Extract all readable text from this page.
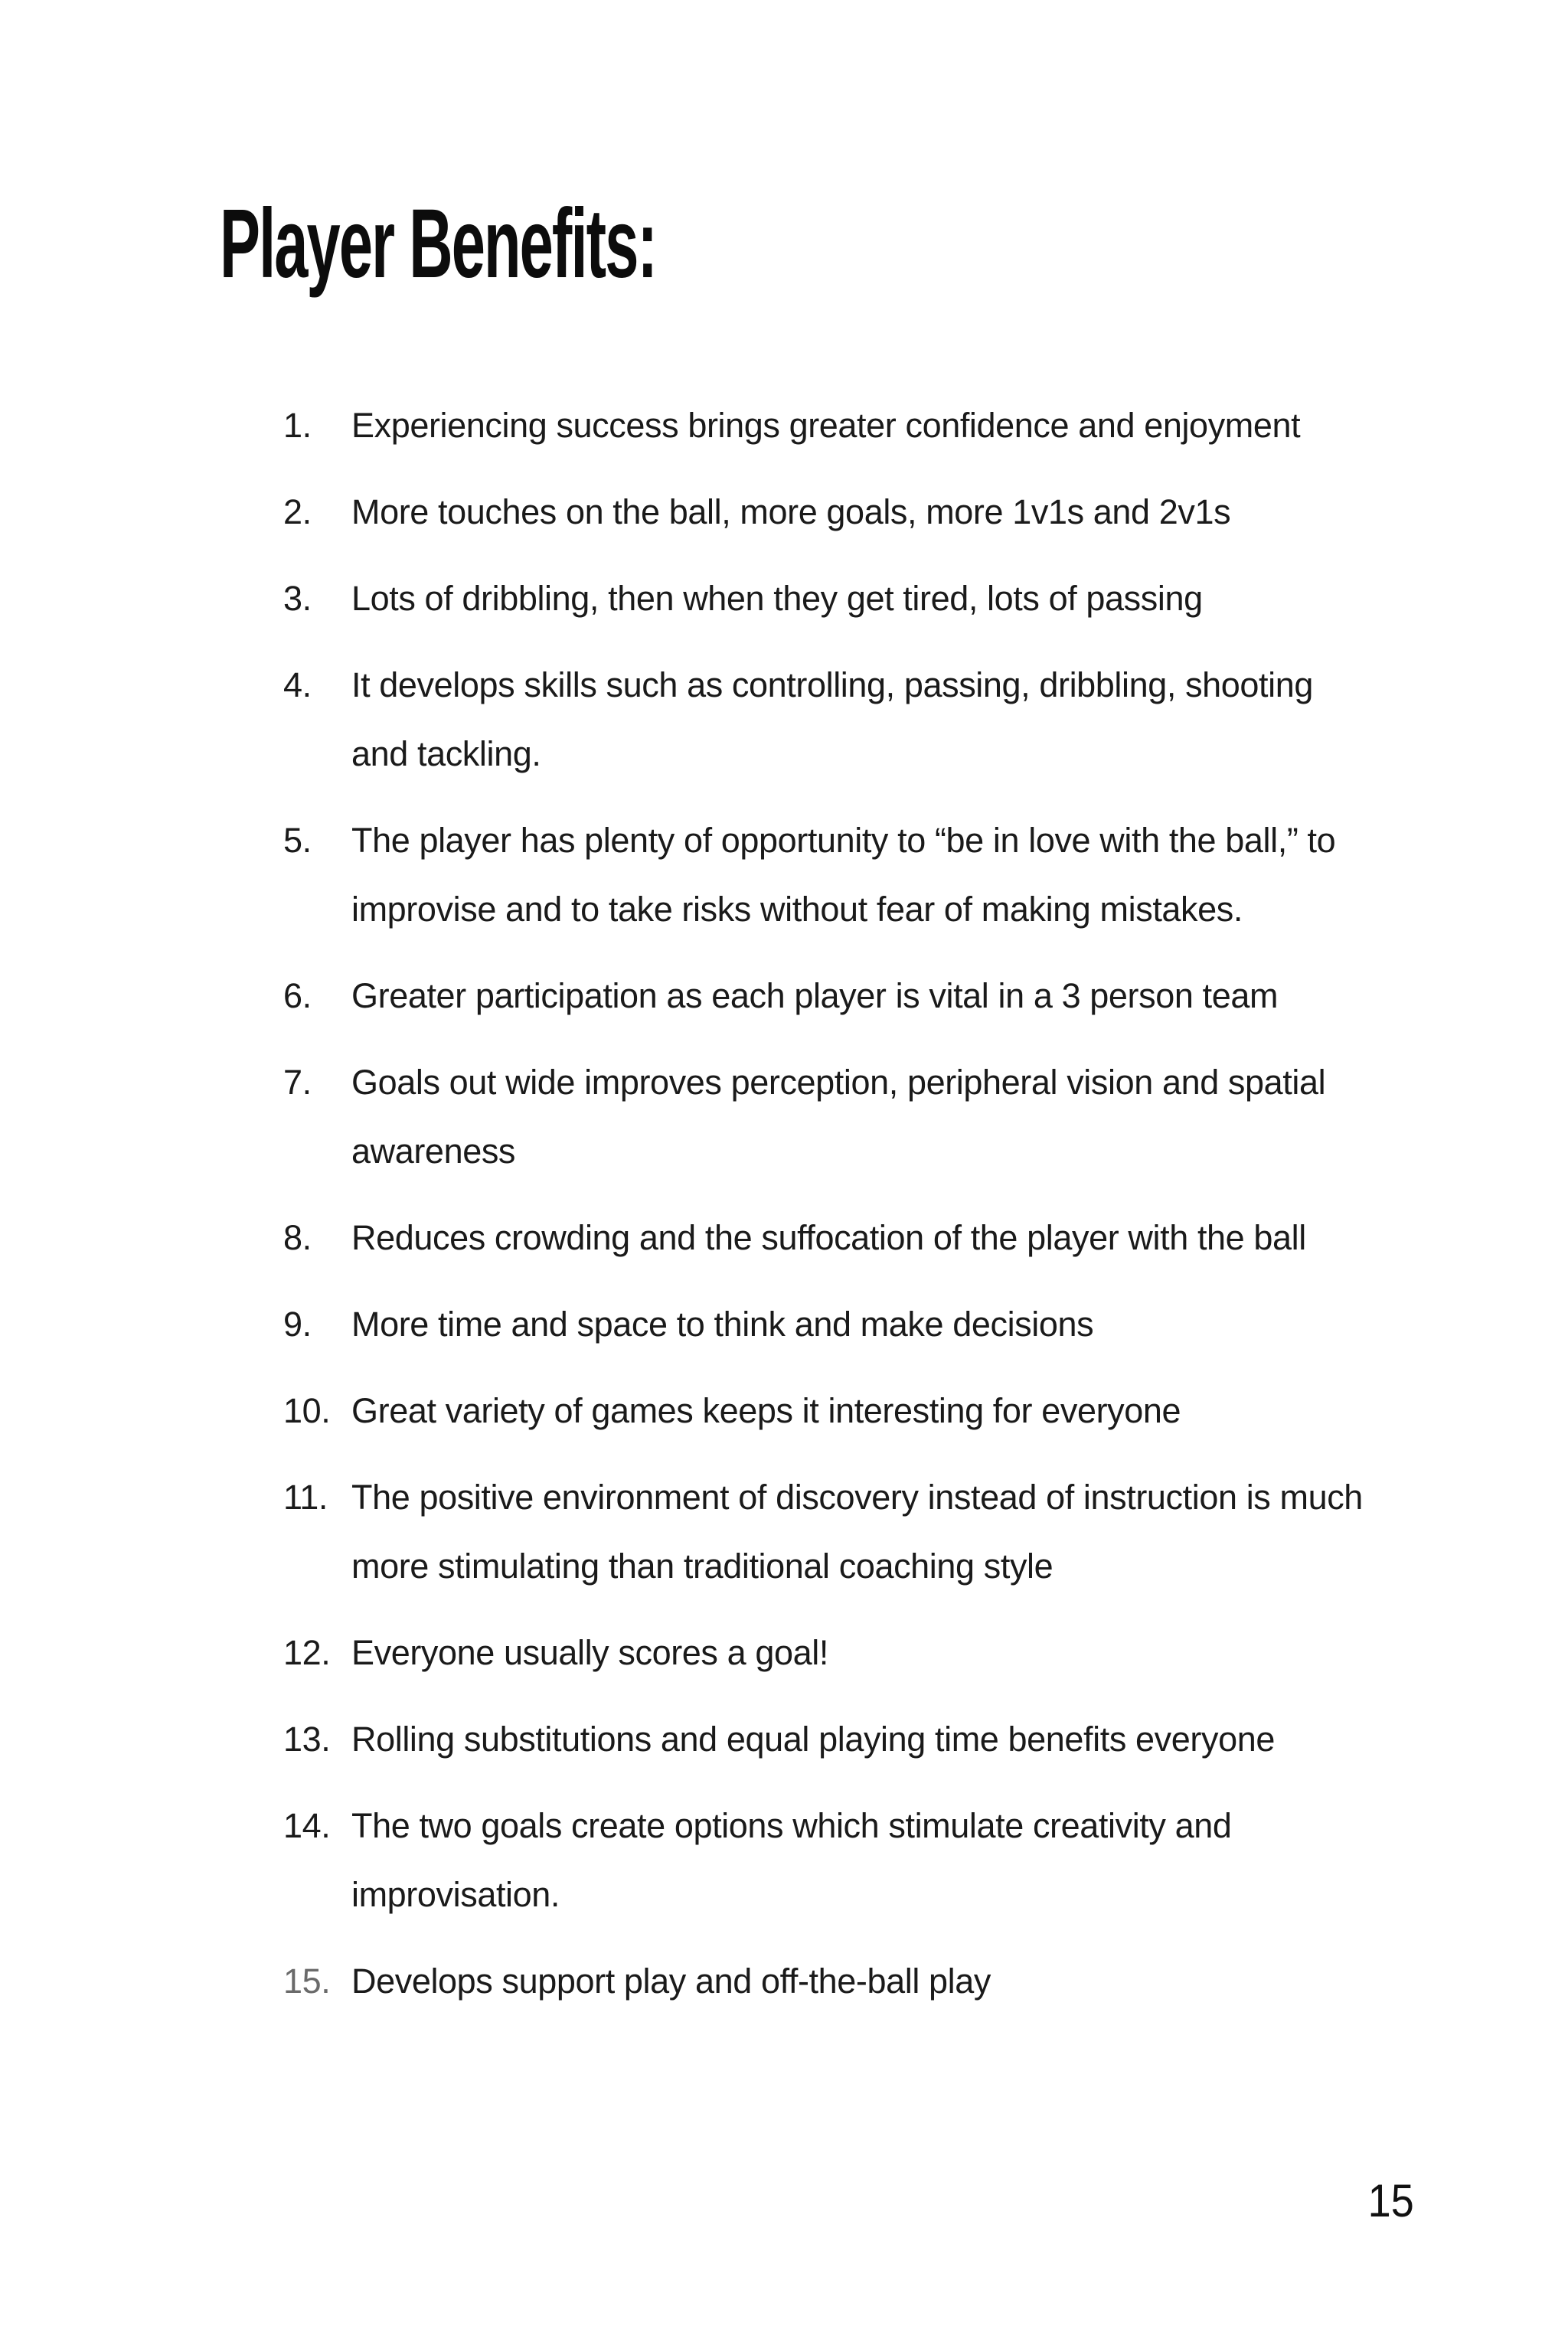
Player Benefits:
1.	Experiencing success brings greater confidence and enjoyment
2.	More touches on the ball, more goals, more 1v1s and 2v1s
3.	Lots of dribbling, then when they get tired, lots of passing
4.	It develops skills such as controlling, passing, dribbling, shooting and tackling.
5.	The player has plenty of opportunity to “be in love with the ball,” to improvise and to take risks without fear of making mistakes.
6.	Greater participation as each player is vital in a 3 person team
7.	Goals out wide improves perception, peripheral vision and spatial awareness
8.	Reduces crowding and the suffocation of the player with the ball
9.	More time and space to think and make decisions
10. Great variety of games keeps it interesting for everyone
11. The positive environment of discovery instead of instruction is much more stimulating than traditional coaching style
12. Everyone usually scores a goal!
13. Rolling substitutions and equal playing time benefits everyone
14. The two goals create options which stimulate creativity and improvisation.
15. Develops support play and off-the-ball play
15
